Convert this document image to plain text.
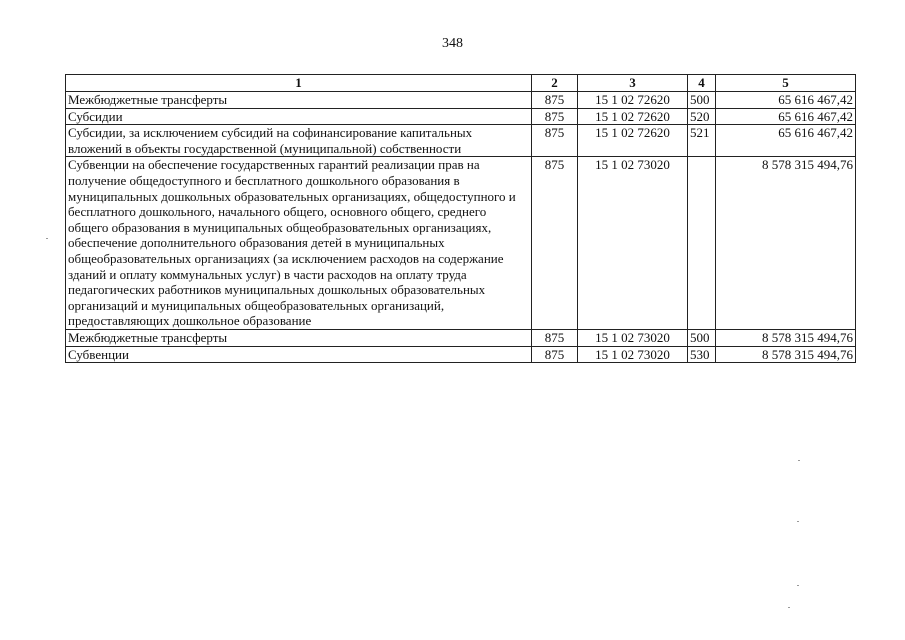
348
1	2	3	4	5
Межбюджетные трансферты	875	15 1 02 72620	500	65 616 467,42
Субсидии	875	15 1 02 72620	520	65 616 467,42
Субсидии, за исключением субсидий на софинансирование капитальных вложений в объекты государственной (муниципальной) собственности	875	15 1 02 72620	521	65 616 467,42
Субвенции на обеспечение государственных гарантий реализации прав на получение общедоступного и бесплатного дошкольного образования в муниципальных дошкольных образовательных организациях, общедоступного и бесплатного дошкольного, начального общего, основного общего, среднего общего образования в муниципальных общеобразовательных организациях, обеспечение дополнительного образования детей в муниципальных общеобразовательных организациях (за исключением расходов на содержание зданий и оплату коммунальных услуг) в части расходов на оплату труда педагогических работников муниципальных дошкольных образовательных организаций и муниципальных общеобразовательных организаций, предоставляющих дошкольное образование	875	15 1 02 73020		8 578 315 494,76
Межбюджетные трансферты	875	15 1 02 73020	500	8 578 315 494,76
Субвенции	875	15 1 02 73020	530	8 578 315 494,76
